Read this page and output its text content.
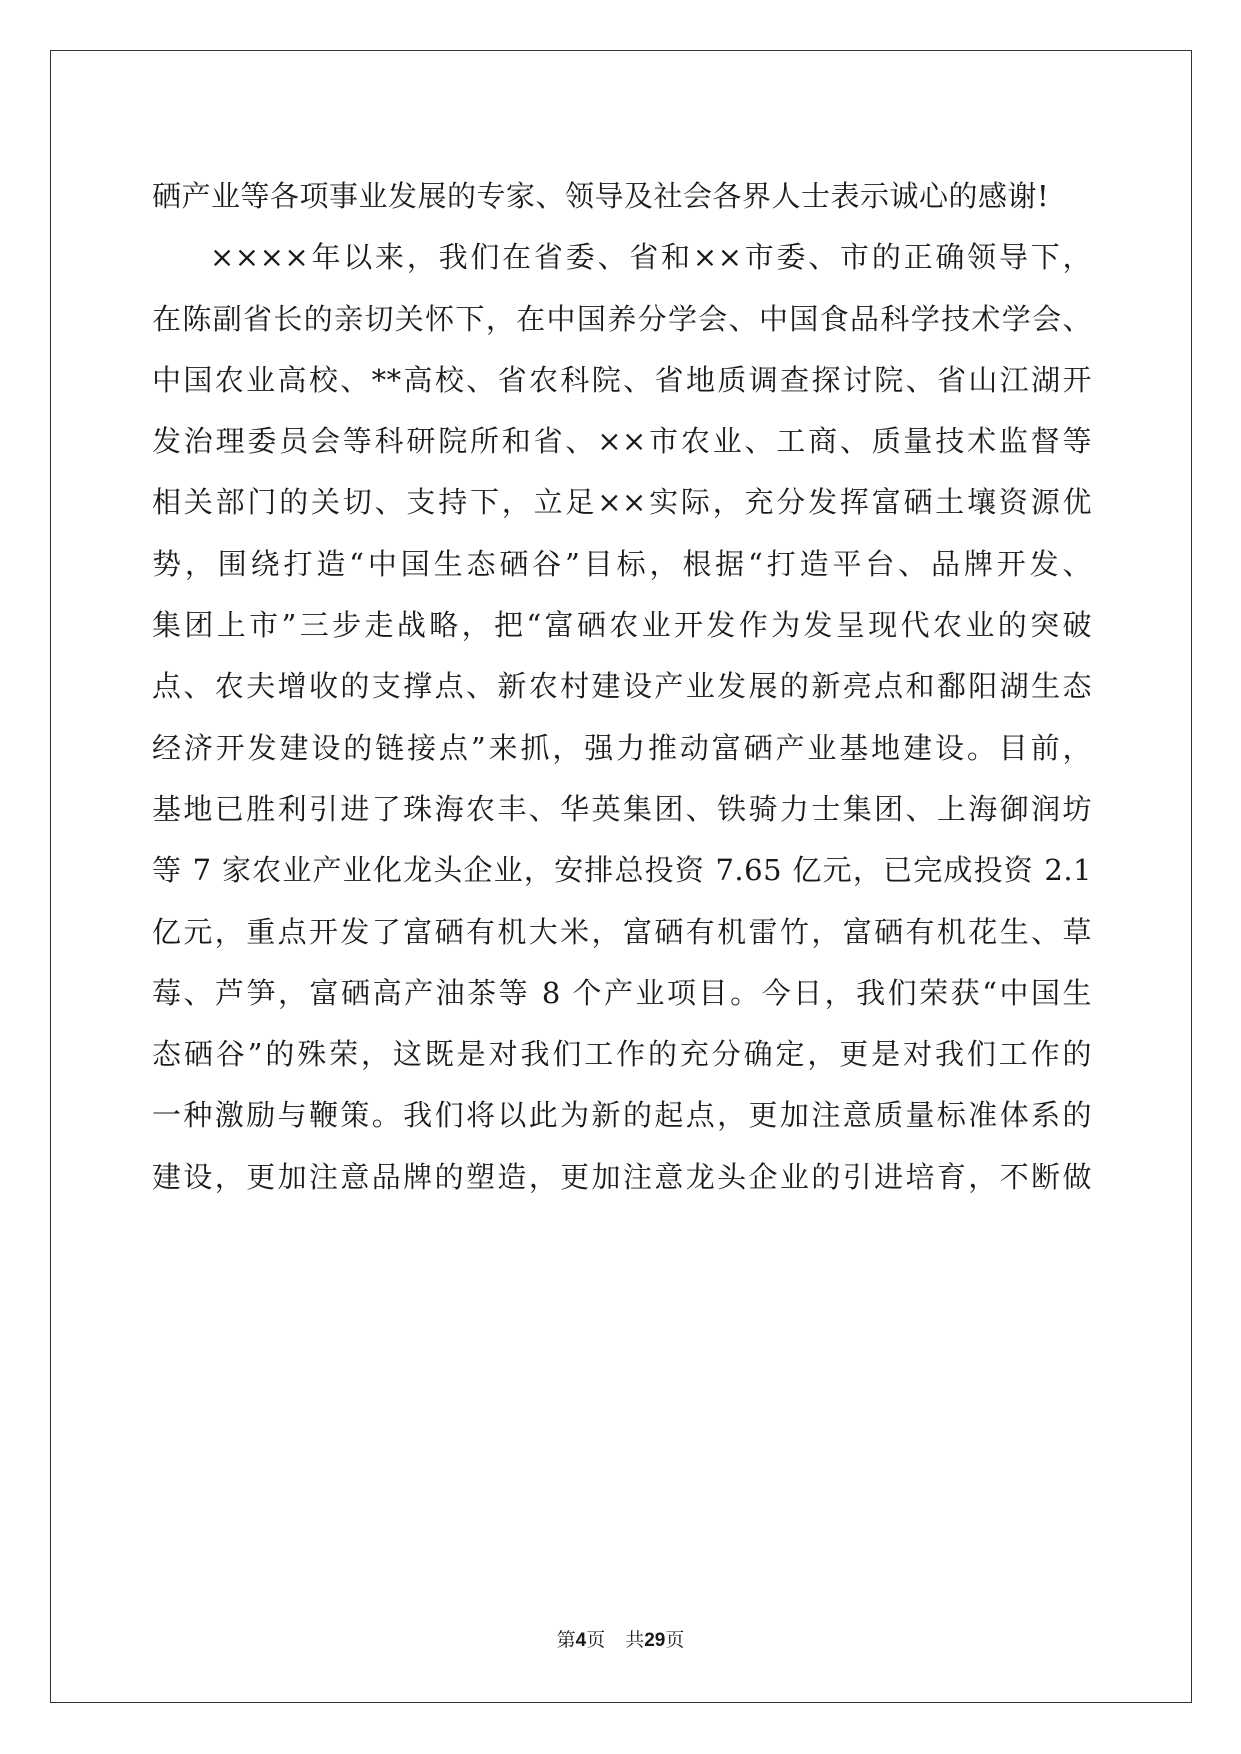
硒产业等各项事业发展的专家、领导及社会各界人士表示诚心的感谢!
××××年以来，我们在省委、省和××市委、市的正确领导下，
在陈副省长的亲切关怀下，在中国养分学会、中国食品科学技术学会、
中国农业高校、**高校、省农科院、省地质调查探讨院、省山江湖开
发治理委员会等科研院所和省、××市农业、工商、质量技术监督等
相关部门的关切、支持下，立足××实际，充分发挥富硒土壤资源优
势，围绕打造“中国生态硒谷”目标，根据“打造平台、品牌开发、
集团上市”三步走战略，把“富硒农业开发作为发呈现代农业的突破
点、农夫增收的支撑点、新农村建设产业发展的新亮点和鄱阳湖生态
经济开发建设的链接点”来抓，强力推动富硒产业基地建设。目前，
基地已胜利引进了珠海农丰、华英集团、铁骑力士集团、上海御润坊
等 7 家农业产业化龙头企业，安排总投资 7.65 亿元，已完成投资 2.1
亿元，重点开发了富硒有机大米，富硒有机雷竹，富硒有机花生、草
莓、芦笋，富硒高产油茶等 8 个产业项目。今日，我们荣获“中国生
态硒谷”的殊荣，这既是对我们工作的充分确定，更是对我们工作的
一种激励与鞭策。我们将以此为新的起点，更加注意质量标准体系的
建设，更加注意品牌的塑造，更加注意龙头企业的引进培育，不断做
第4页 共29页
